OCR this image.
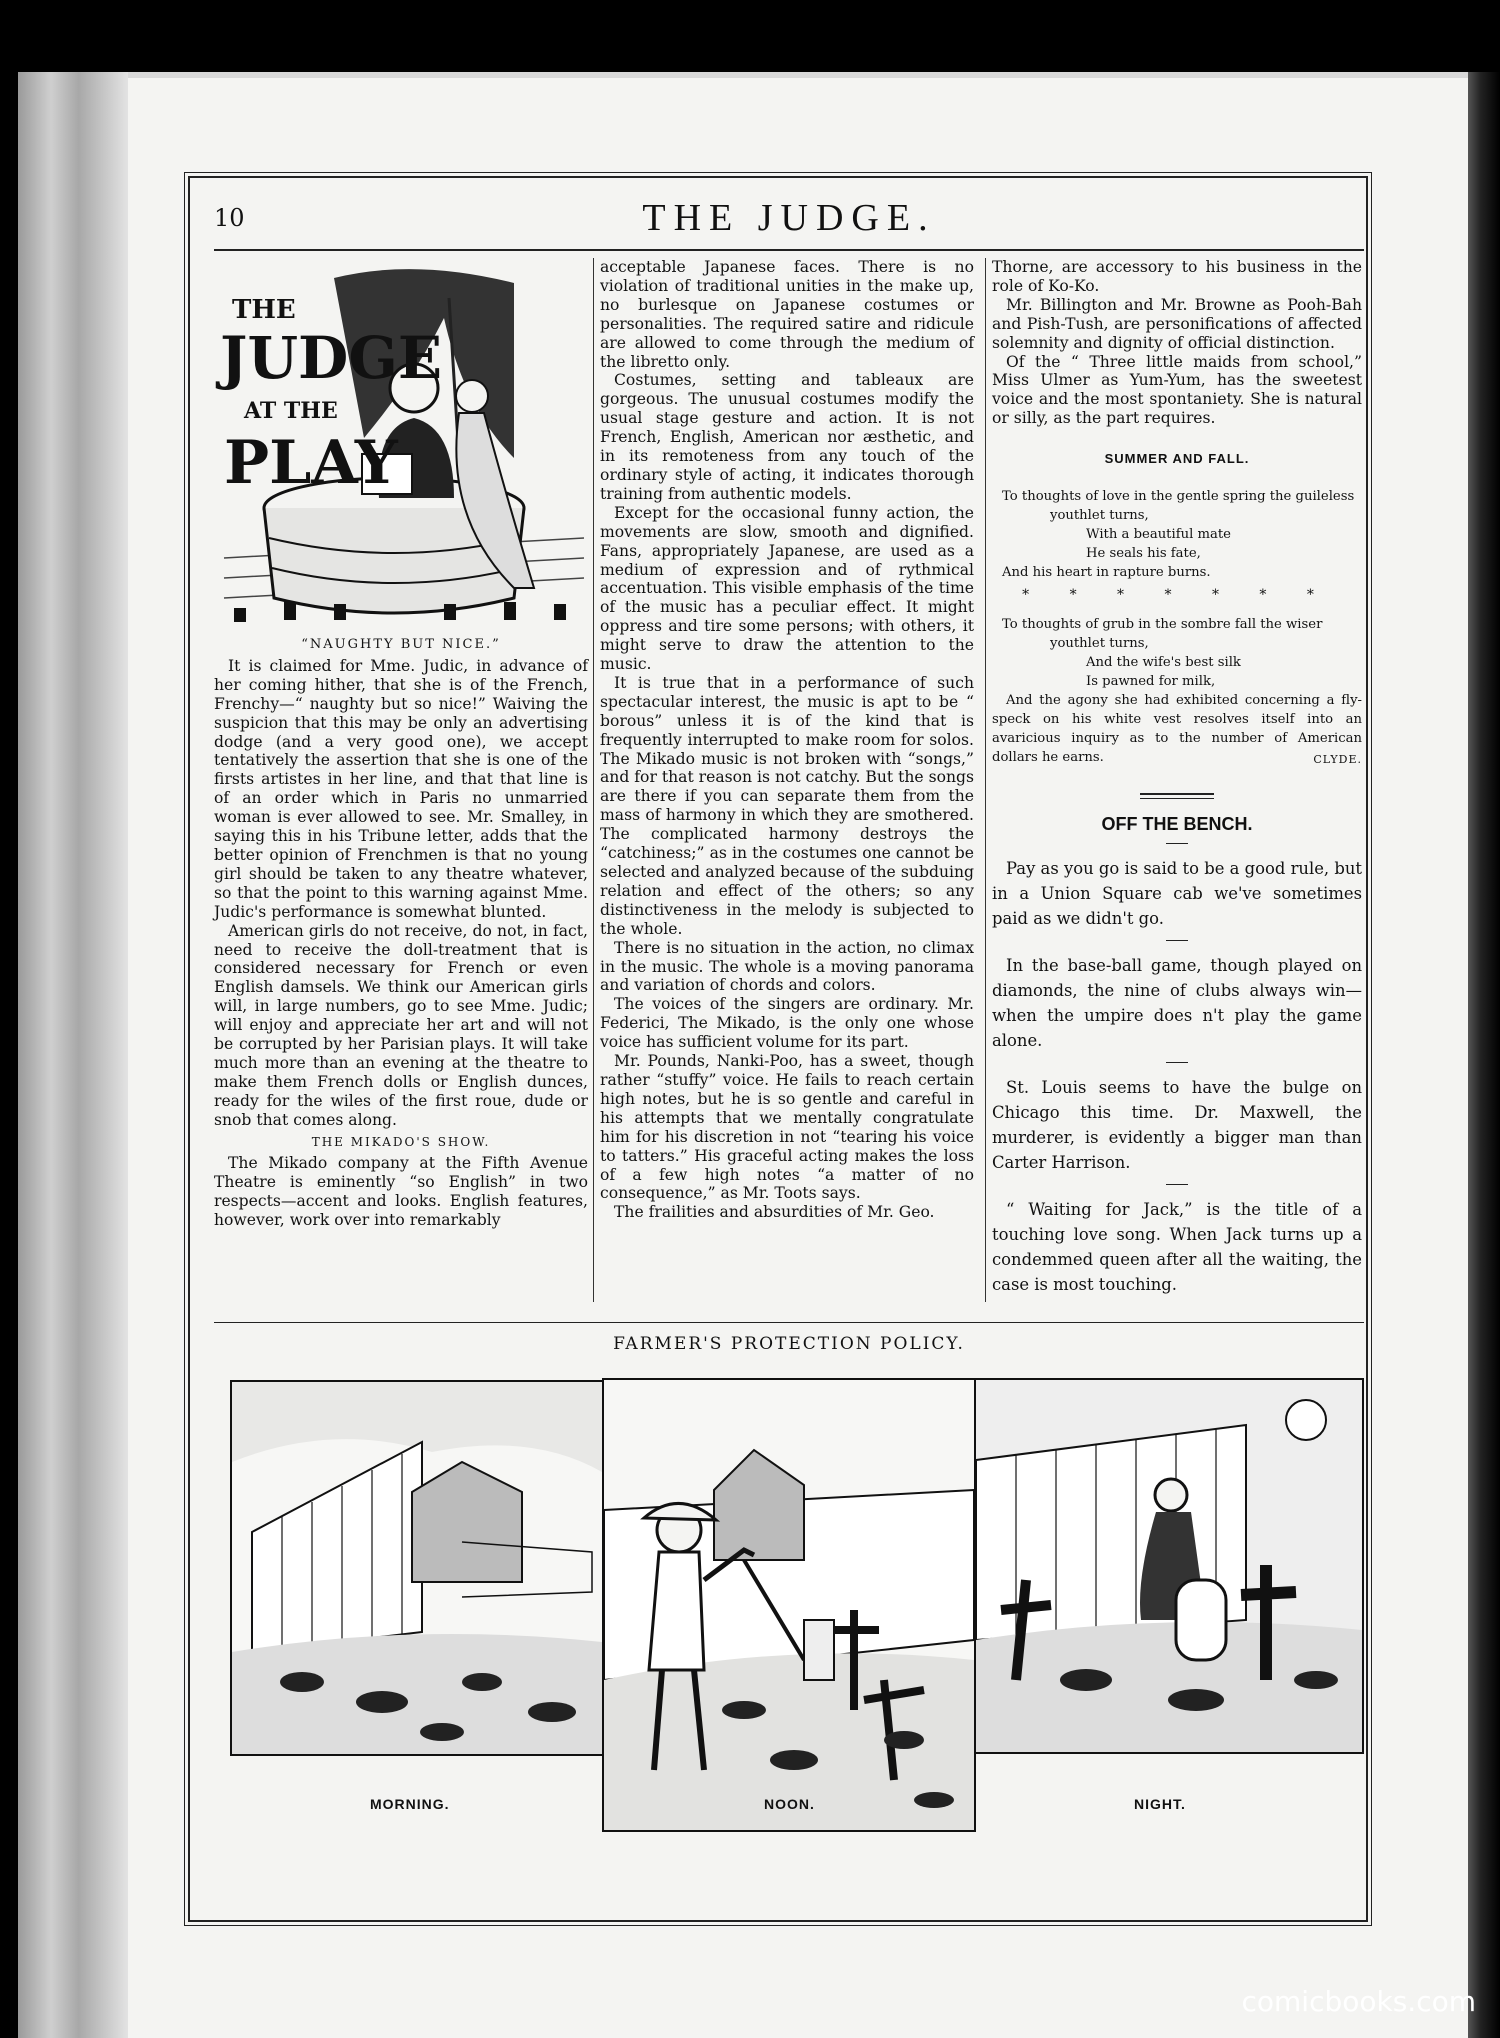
10	THE JUDGE.
THE
JUDGE
AT THE
PLAY
“NAUGHTY BUT NICE.”

It is claimed for Mme. Judic, in advance of her coming hither, that she is of the French, Frenchy—“ naughty but so nice!” Waiving the suspicion that this may be only an advertising dodge (and a very good one), we accept tentatively the assertion that she is one of the firsts artistes in her line, and that that line is of an order which in Paris no unmarried woman is ever allowed to see. Mr. Smalley, in saying this in his Tribune letter, adds that the better opinion of Frenchmen is that no young girl should be taken to any theatre whatever, so that the point to this warning against Mme. Judic's performance is somewhat blunted.

American girls do not receive, do not, in fact, need to receive the doll-treatment that is considered necessary for French or even English damsels. We think our American girls will, in large numbers, go to see Mme. Judic; will enjoy and appreciate her art and will not be corrupted by her Parisian plays. It will take much more than an evening at the theatre to make them French dolls or English dunces, ready for the wiles of the first roue, dude or snob that comes along.

THE MIKADO'S SHOW.

The Mikado company at the Fifth Avenue Theatre is eminently “so English” in two respects—accent and looks. English features, however, work over into remarkably

acceptable Japanese faces. There is no violation of traditional unities in the make up, no burlesque on Japanese costumes or personalities. The required satire and ridicule are allowed to come through the medium of the libretto only.

Costumes, setting and tableaux are gorgeous. The unusual costumes modify the usual stage gesture and action. It is not French, English, American nor æsthetic, and in its remoteness from any touch of the ordinary style of acting, it indicates thorough training from authentic models.

Except for the occasional funny action, the movements are slow, smooth and dignified. Fans, appropriately Japanese, are used as a medium of expression and of rythmical accentuation. This visible emphasis of the time of the music has a peculiar effect. It might oppress and tire some persons; with others, it might serve to draw the attention to the music.

It is true that in a performance of such spectacular interest, the music is apt to be “ borous” unless it is of the kind that is frequently interrupted to make room for solos. The Mikado music is not broken with “songs,” and for that reason is not catchy. But the songs are there if you can separate them from the mass of harmony in which they are smothered. The complicated harmony destroys the “catchiness;” as in the costumes one cannot be selected and analyzed because of the subduing relation and effect of the others; so any distinctiveness in the melody is subjected to the whole.

There is no situation in the action, no climax in the music. The whole is a moving panorama and variation of chords and colors.

The voices of the singers are ordinary. Mr. Federici, The Mikado, is the only one whose voice has sufficient volume for its part.

Mr. Pounds, Nanki-Poo, has a sweet, though rather “stuffy” voice. He fails to reach certain high notes, but he is so gentle and careful in his attempts that we mentally congratulate him for his discretion in not “tearing his voice to tatters.” His graceful acting makes the loss of a few high notes “a matter of no consequence,” as Mr. Toots says.

The frailities and absurdities of Mr. Geo.

Thorne, are accessory to his business in the role of Ko-Ko.

Mr. Billington and Mr. Browne as Pooh-Bah and Pish-Tush, are personifications of affected solemnity and dignity of official distinction.

Of the “ Three little maids from school,” Miss Ulmer as Yum-Yum, has the sweetest voice and the most spontaniety. She is natural or silly, as the part requires.

SUMMER AND FALL.
To thoughts of love in the gentle spring the guileless
youthlet turns,
With a beautiful mate
He seals his fate,
And his heart in rapture burns.
* * * * * * *
To thoughts of grub in the sombre fall the wiser
youthlet turns,
And the wife's best silk
Is pawned for milk,
And the agony she had exhibited concerning a fly-speck on his white vest resolves itself into an avaricious inquiry as to the number of American dollars he earns.	CLYDE.
OFF THE BENCH.

Pay as you go is said to be a good rule, but in a Union Square cab we've sometimes paid as we didn't go.

In the base-ball game, though played on diamonds, the nine of clubs always win—when the umpire does n't play the game alone.

St. Louis seems to have the bulge on Chicago this time. Dr. Maxwell, the murderer, is evidently a bigger man than Carter Harrison.

“ Waiting for Jack,” is the title of a touching love song. When Jack turns up a condemmed queen after all the waiting, the case is most touching.

FARMER'S PROTECTION POLICY.
MORNING.	NOON.	NIGHT.
comicbooks.com
